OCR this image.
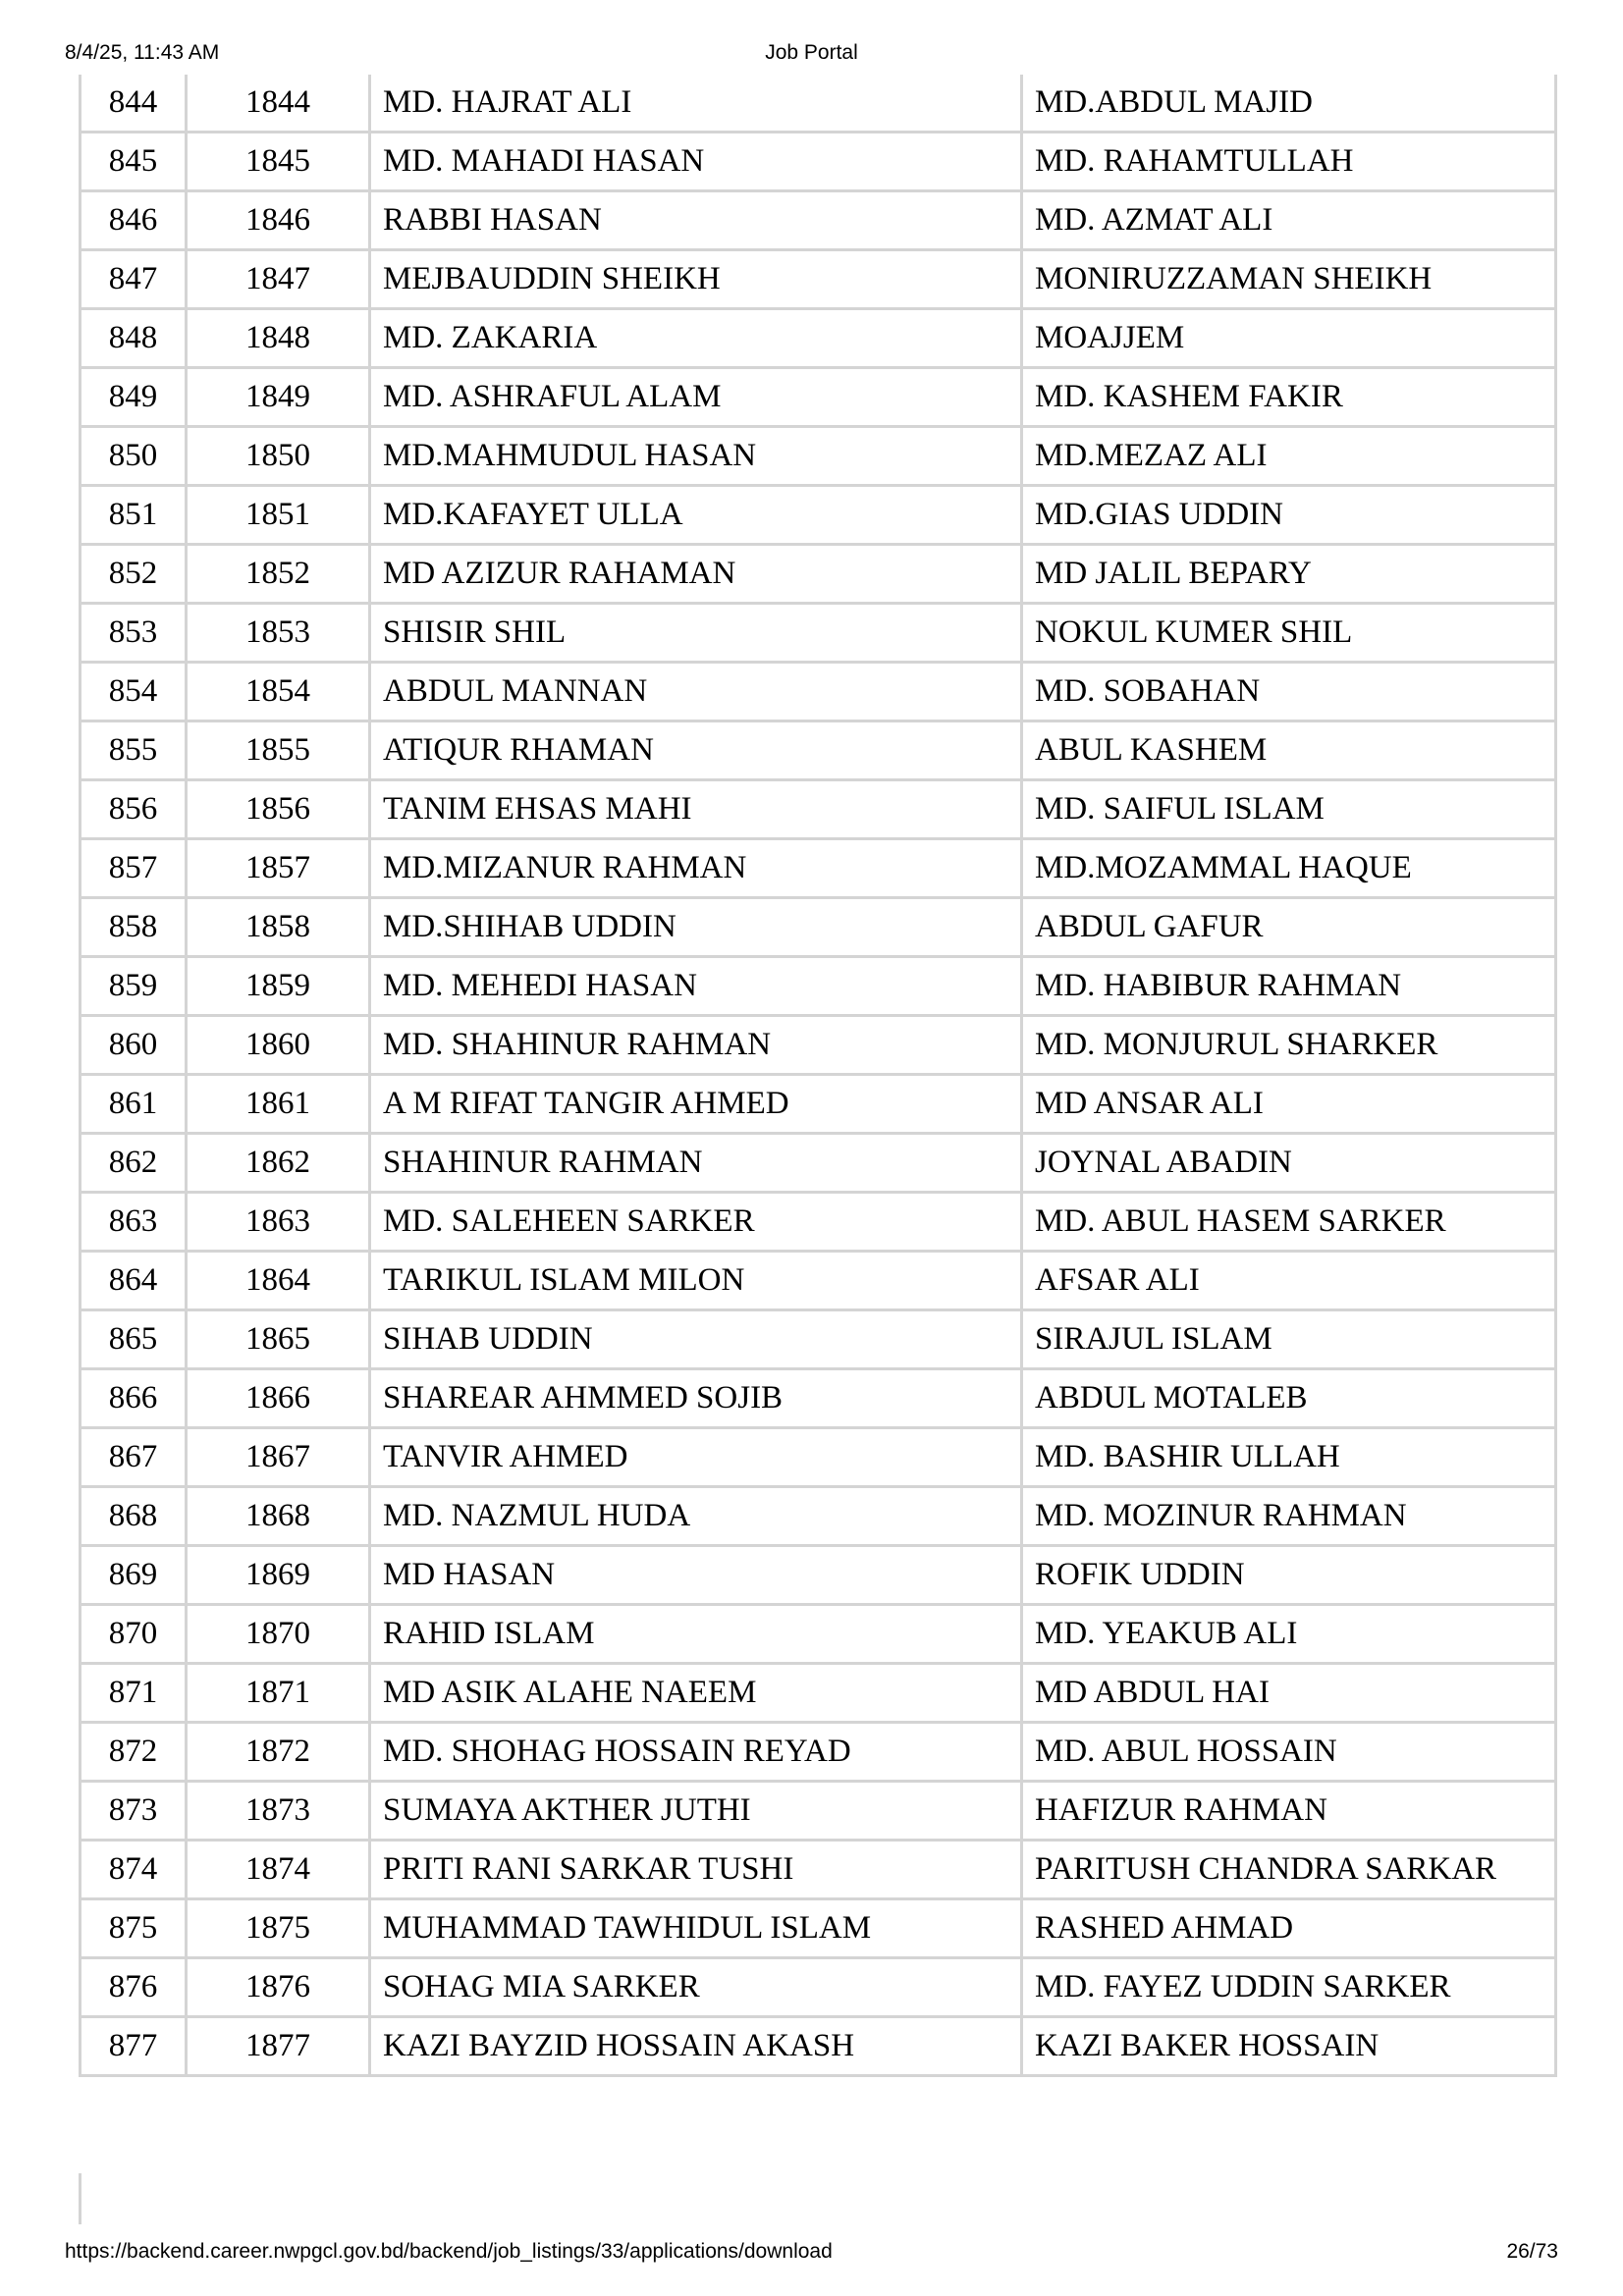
8/4/25, 11:43 AM	Job Portal
844	1844	MD. HAJRAT ALI	MD.ABDUL MAJID
845	1845	MD. MAHADI HASAN	MD. RAHAMTULLAH
846	1846	RABBI HASAN	MD. AZMAT ALI
847	1847	MEJBAUDDIN SHEIKH	MONIRUZZAMAN SHEIKH
848	1848	MD. ZAKARIA	MOAJJEM
849	1849	MD. ASHRAFUL ALAM	MD. KASHEM FAKIR
850	1850	MD.MAHMUDUL HASAN	MD.MEZAZ ALI
851	1851	MD.KAFAYET ULLA	MD.GIAS UDDIN
852	1852	MD AZIZUR RAHAMAN	MD JALIL BEPARY
853	1853	SHISIR SHIL	NOKUL KUMER SHIL
854	1854	ABDUL MANNAN	MD. SOBAHAN
855	1855	ATIQUR RHAMAN	ABUL KASHEM
856	1856	TANIM EHSAS MAHI	MD. SAIFUL ISLAM
857	1857	MD.MIZANUR RAHMAN	MD.MOZAMMAL HAQUE
858	1858	MD.SHIHAB UDDIN	ABDUL GAFUR
859	1859	MD. MEHEDI HASAN	MD. HABIBUR RAHMAN
860	1860	MD. SHAHINUR RAHMAN	MD. MONJURUL SHARKER
861	1861	A M RIFAT TANGIR AHMED	MD ANSAR ALI
862	1862	SHAHINUR RAHMAN	JOYNAL ABADIN
863	1863	MD. SALEHEEN SARKER	MD. ABUL HASEM SARKER
864	1864	TARIKUL ISLAM MILON	AFSAR ALI
865	1865	SIHAB UDDIN	SIRAJUL ISLAM
866	1866	SHAREAR AHMMED SOJIB	ABDUL MOTALEB
867	1867	TANVIR AHMED	MD. BASHIR ULLAH
868	1868	MD. NAZMUL HUDA	MD. MOZINUR RAHMAN
869	1869	MD HASAN	ROFIK UDDIN
870	1870	RAHID ISLAM	MD. YEAKUB ALI
871	1871	MD ASIK ALAHE NAEEM	MD ABDUL HAI
872	1872	MD. SHOHAG HOSSAIN REYAD	MD. ABUL HOSSAIN
873	1873	SUMAYA AKTHER JUTHI	HAFIZUR RAHMAN
874	1874	PRITI RANI SARKAR TUSHI	PARITUSH CHANDRA SARKAR
875	1875	MUHAMMAD TAWHIDUL ISLAM	RASHED AHMAD
876	1876	SOHAG MIA SARKER	MD. FAYEZ UDDIN SARKER
877	1877	KAZI BAYZID HOSSAIN AKASH	KAZI BAKER HOSSAIN
https://backend.career.nwpgcl.gov.bd/backend/job_listings/33/applications/download	26/73
